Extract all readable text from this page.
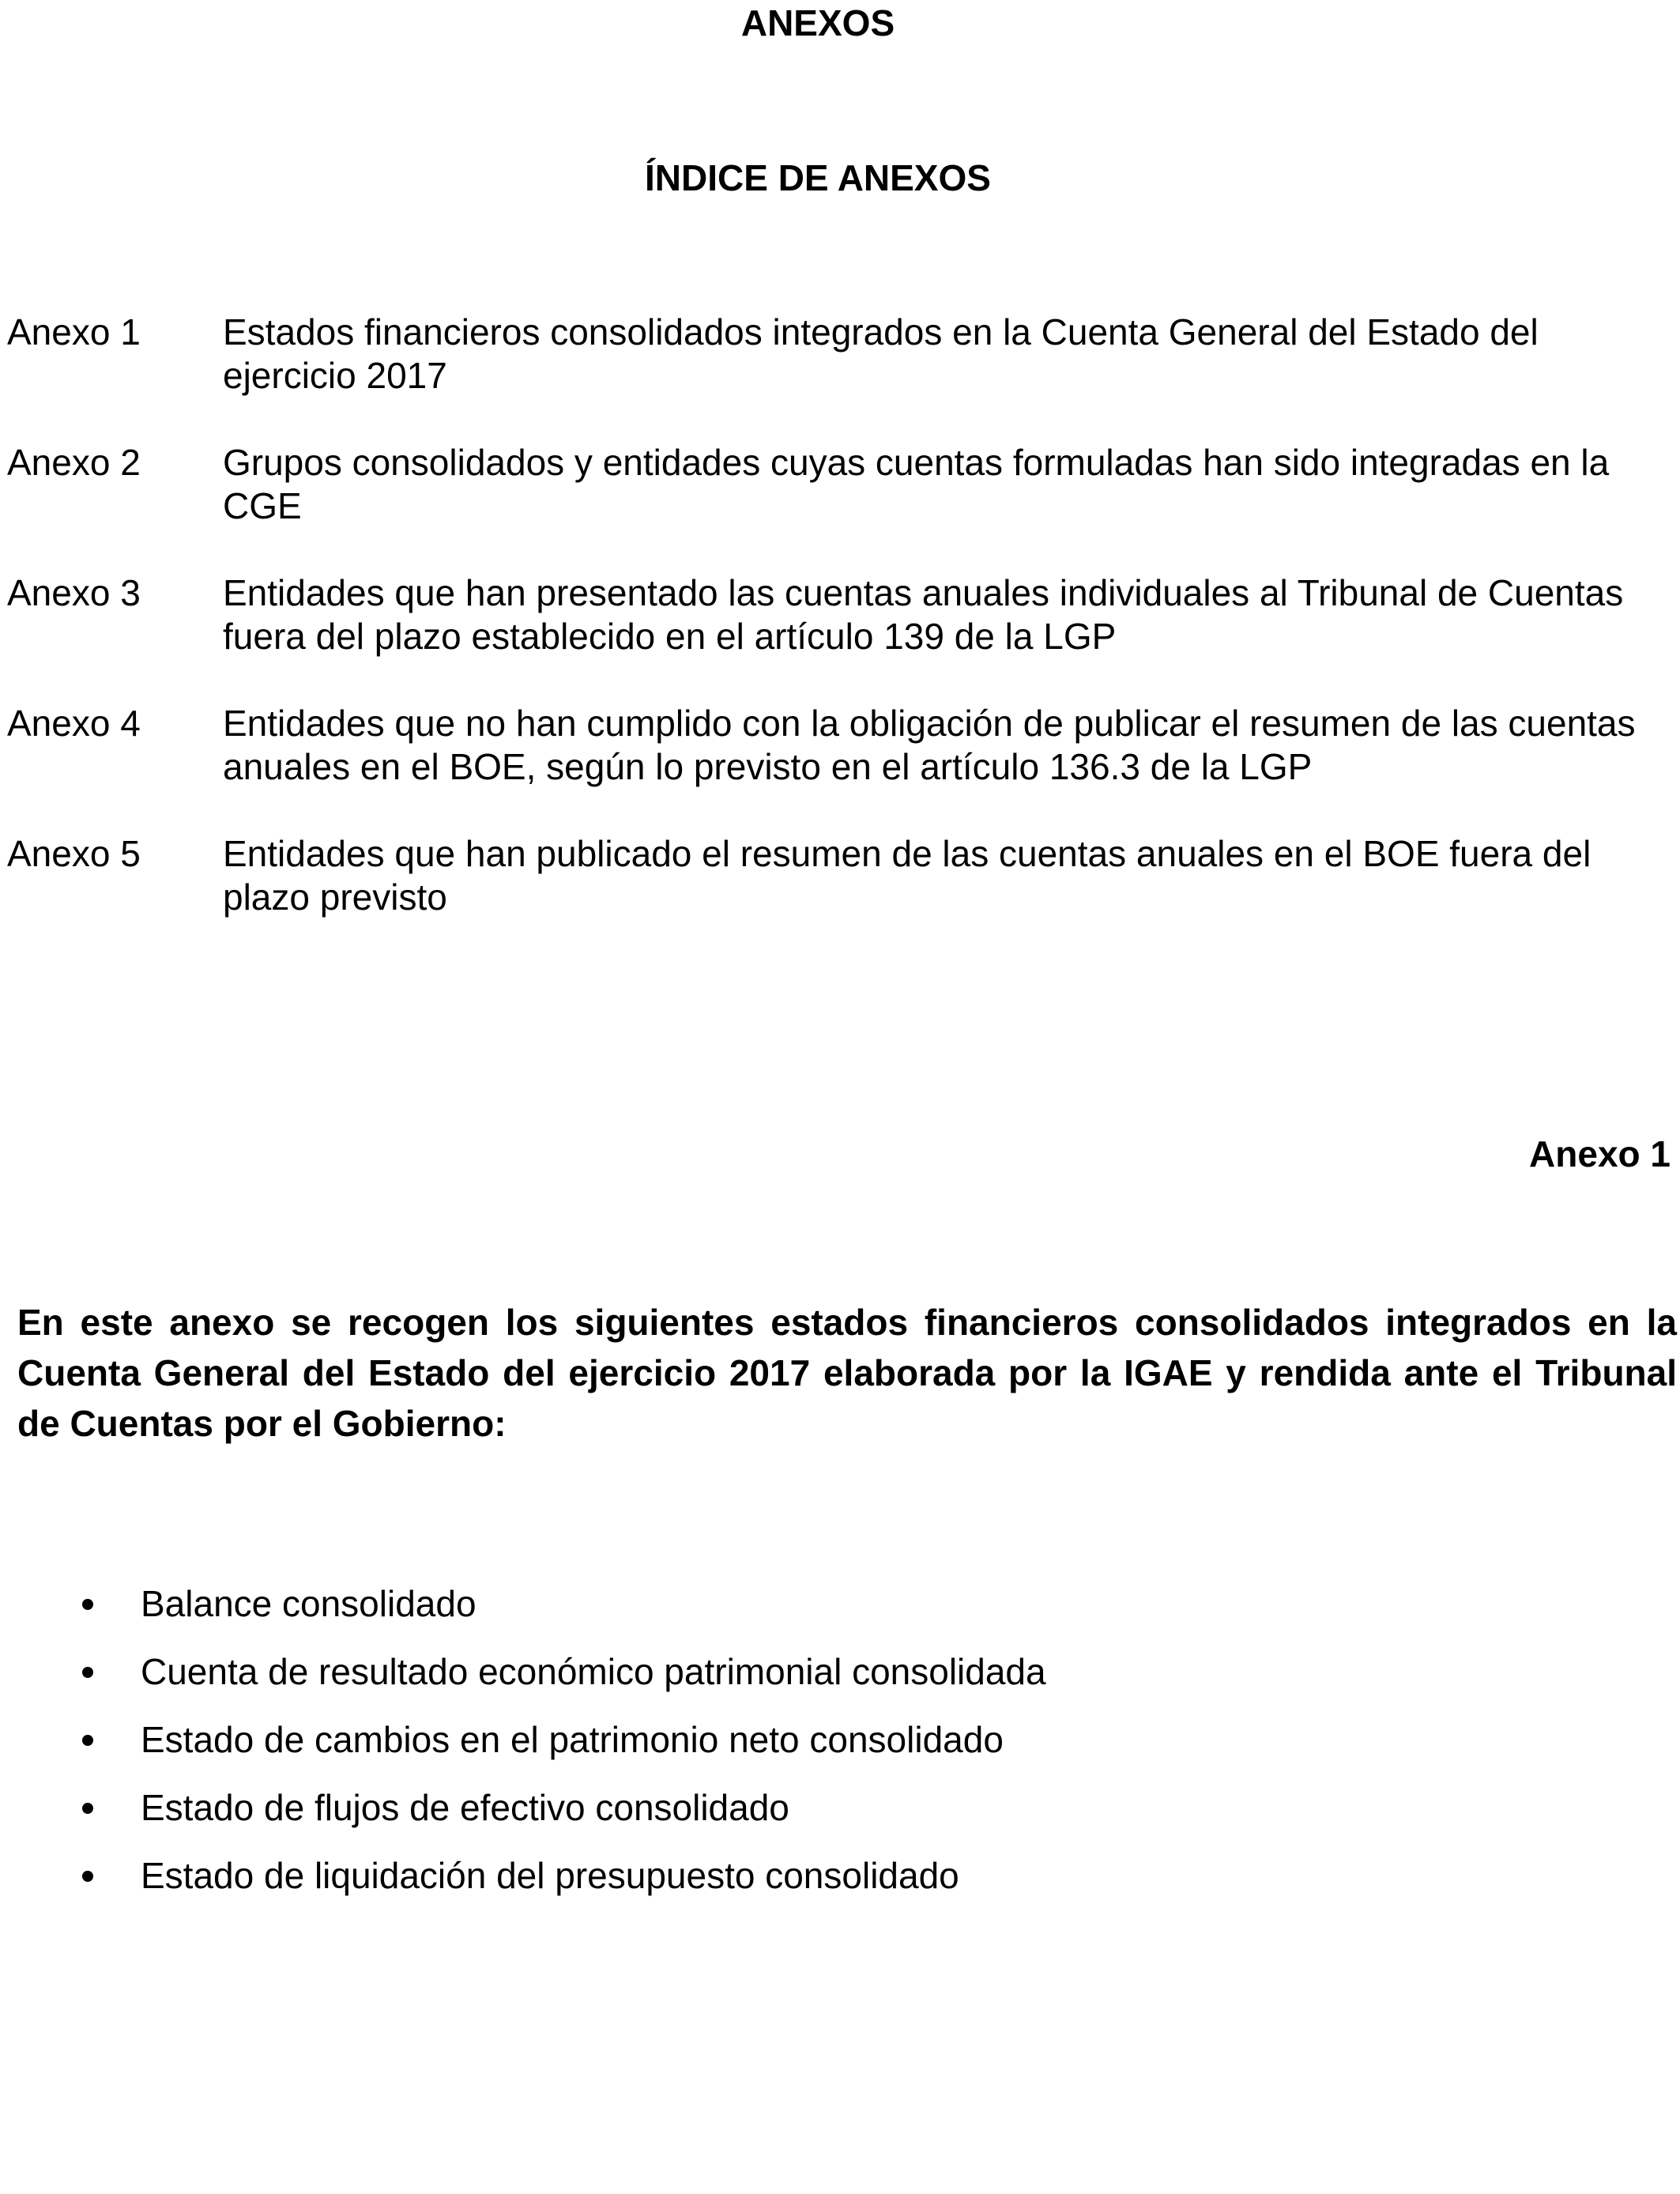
ANEXOS
ÍNDICE DE ANEXOS
Anexo 1	Estados financieros consolidados integrados en la Cuenta General del Estado del ejercicio 2017
Anexo 2	Grupos consolidados y entidades cuyas cuentas formuladas han sido integradas en la CGE
Anexo 3	Entidades que han presentado las cuentas anuales individuales al Tribunal de Cuentas fuera del plazo establecido en el artículo 139 de la LGP
Anexo 4	Entidades que no han cumplido con la obligación de publicar el resumen de las cuentas anuales en el BOE, según lo previsto en el artículo 136.3 de la LGP
Anexo 5	Entidades que han publicado el resumen de las cuentas anuales en el BOE fuera del plazo previsto
Anexo 1

En este anexo se recogen los siguientes estados financieros consolidados integrados en la Cuenta General del Estado del ejercicio 2017 elaborada por la IGAE y rendida ante el Tribunal de Cuentas por el Gobierno:

Balance consolidado
Cuenta de resultado económico patrimonial consolidada
Estado de cambios en el patrimonio neto consolidado
Estado de flujos de efectivo consolidado
Estado de liquidación del presupuesto consolidado
